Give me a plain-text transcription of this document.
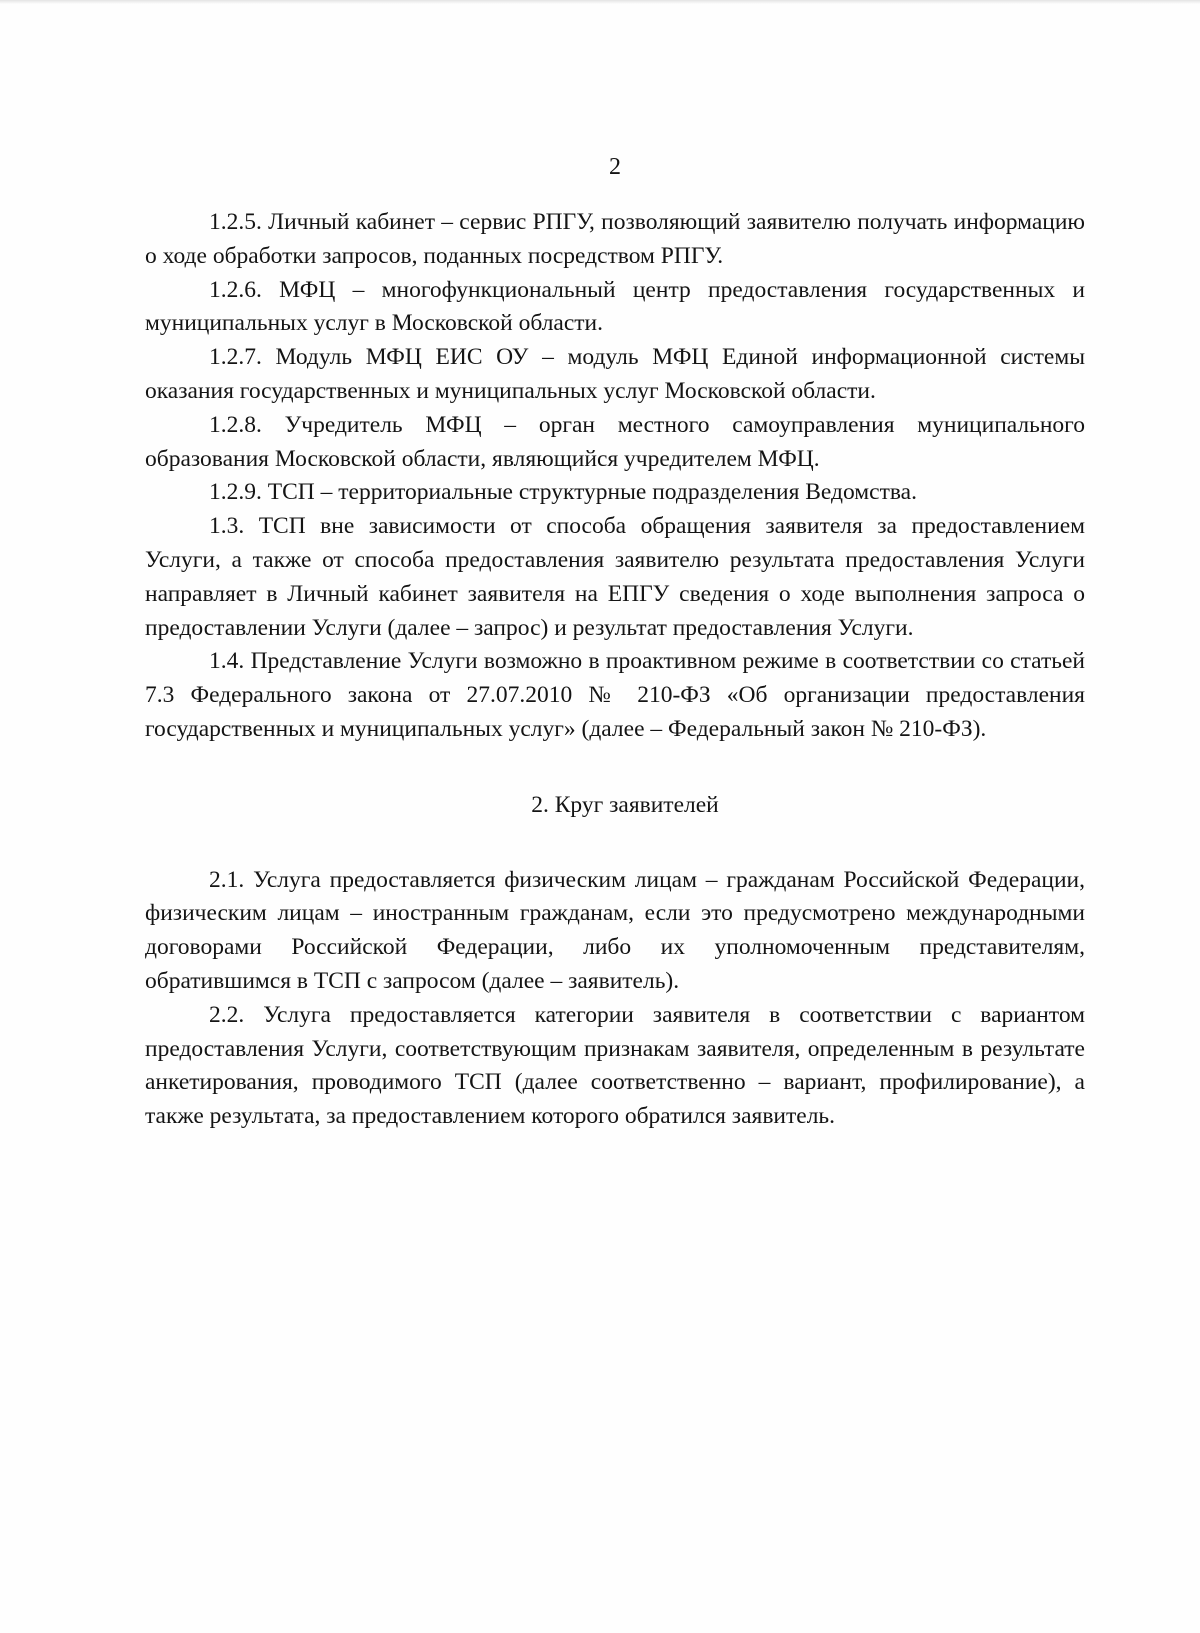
2

1.2.5. Личный кабинет – сервис РПГУ, позволяющий заявителю получать информацию о ходе обработки запросов, поданных посредством РПГУ.

1.2.6. МФЦ – многофункциональный центр предоставления государственных и муниципальных услуг в Московской области.

1.2.7. Модуль МФЦ ЕИС ОУ – модуль МФЦ Единой информационной системы оказания государственных и муниципальных услуг Московской области.

1.2.8. Учредитель МФЦ – орган местного самоуправления муниципального образования Московской области, являющийся учредителем МФЦ.

1.2.9. ТСП – территориальные структурные подразделения Ведомства.

1.3. ТСП вне зависимости от способа обращения заявителя за предоставлением Услуги, а также от способа предоставления заявителю результата предоставления Услуги направляет в Личный кабинет заявителя на ЕПГУ сведения о ходе выполнения запроса о предоставлении Услуги (далее – запрос) и результат предоставления Услуги.

1.4. Представление Услуги возможно в проактивном режиме в соответствии со статьей 7.3 Федерального закона от 27.07.2010 № 210-ФЗ «Об организации предоставления государственных и муниципальных услуг» (далее – Федеральный закон № 210-ФЗ).

2. Круг заявителей

2.1. Услуга предоставляется физическим лицам – гражданам Российской Федерации, физическим лицам – иностранным гражданам, если это предусмотрено международными договорами Российской Федерации, либо их уполномоченным представителям, обратившимся в ТСП с запросом (далее – заявитель).

2.2. Услуга предоставляется категории заявителя в соответствии с вариантом предоставления Услуги, соответствующим признакам заявителя, определенным в результате анкетирования, проводимого ТСП (далее соответственно – вариант, профилирование), а также результата, за предоставлением которого обратился заявитель.
